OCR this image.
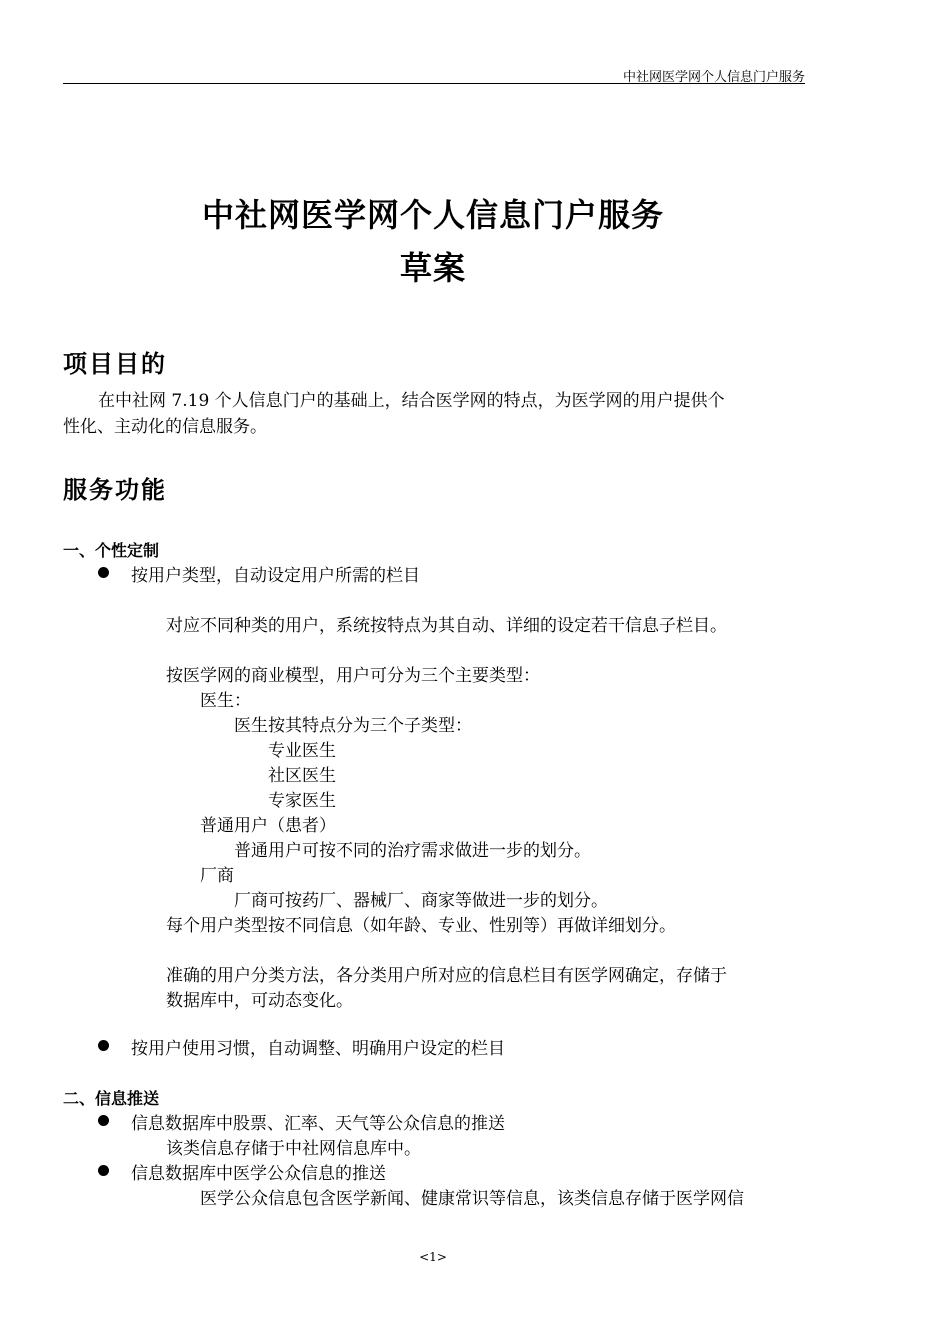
中社网医学网个人信息门户服务
中社网医学网个人信息门户服务
草案
项目目的
在中社网 7.19 个人信息门户的基础上，结合医学网的特点，为医学网的用户提供个
性化、主动化的信息服务。
服务功能
一、个性定制
按用户类型，自动设定用户所需的栏目
对应不同种类的用户，系统按特点为其自动、详细的设定若干信息子栏目。
按医学网的商业模型，用户可分为三个主要类型：
医生：
医生按其特点分为三个子类型：
专业医生
社区医生
专家医生
普通用户（患者）
普通用户可按不同的治疗需求做进一步的划分。
厂商
厂商可按药厂、器械厂、商家等做进一步的划分。
每个用户类型按不同信息（如年龄、专业、性别等）再做详细划分。
准确的用户分类方法，各分类用户所对应的信息栏目有医学网确定，存储于
数据库中，可动态变化。
按用户使用习惯，自动调整、明确用户设定的栏目
二、信息推送
信息数据库中股票、汇率、天气等公众信息的推送
该类信息存储于中社网信息库中。
信息数据库中医学公众信息的推送
医学公众信息包含医学新闻、健康常识等信息，该类信息存储于医学网信
<1>
